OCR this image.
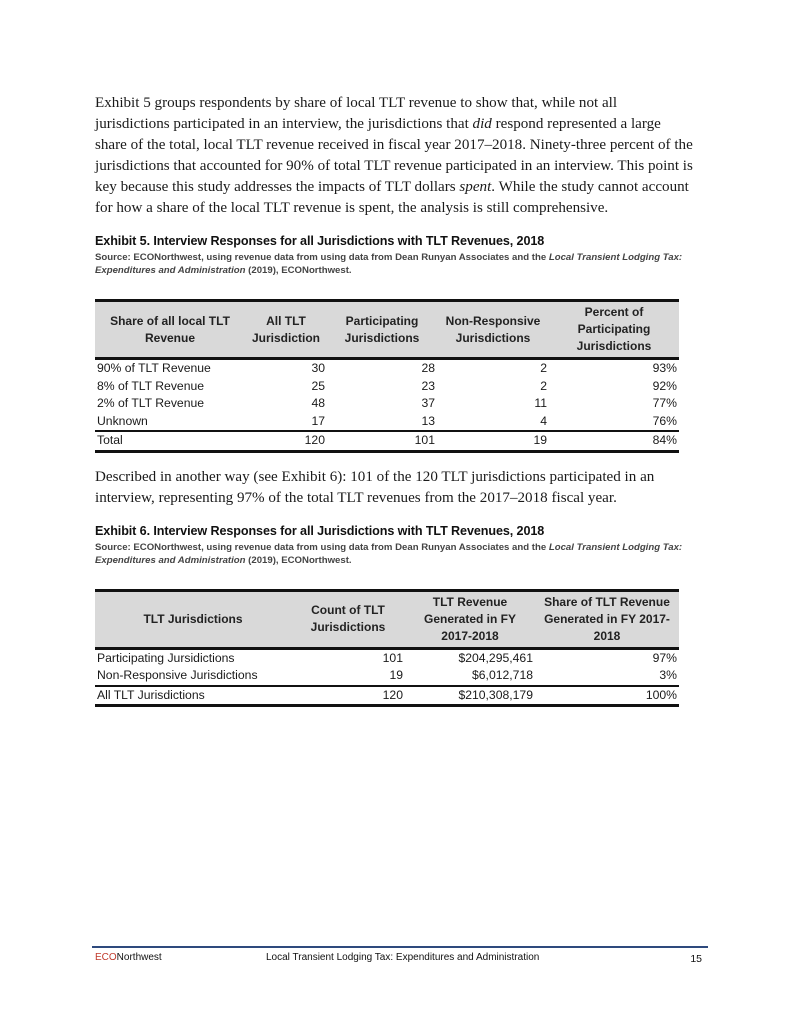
Exhibit 5 groups respondents by share of local TLT revenue to show that, while not all jurisdictions participated in an interview, the jurisdictions that did respond represented a large share of the total, local TLT revenue received in fiscal year 2017–2018. Ninety-three percent of the jurisdictions that accounted for 90% of total TLT revenue participated in an interview. This point is key because this study addresses the impacts of TLT dollars spent. While the study cannot account for how a share of the local TLT revenue is spent, the analysis is still comprehensive.

Exhibit 5. Interview Responses for all Jurisdictions with TLT Revenues, 2018

Source: ECONorthwest, using revenue data from using data from Dean Runyan Associates and the Local Transient Lodging Tax: Expenditures and Administration (2019), ECONorthwest.

Share of all local TLT Revenue	All TLT Jurisdiction	Participating Jurisdictions	Non-Responsive Jurisdictions	Percent of Participating Jurisdictions
90% of TLT Revenue	30	28	2	93%
8% of TLT Revenue	25	23	2	92%
2% of TLT Revenue	48	37	11	77%
Unknown	17	13	4	76%
Total	120	101	19	84%

Described in another way (see Exhibit 6): 101 of the 120 TLT jurisdictions participated in an interview, representing 97% of the total TLT revenues from the 2017–2018 fiscal year.

Exhibit 6. Interview Responses for all Jurisdictions with TLT Revenues, 2018

Source: ECONorthwest, using revenue data from using data from Dean Runyan Associates and the Local Transient Lodging Tax: Expenditures and Administration (2019), ECONorthwest.

TLT Jurisdictions	Count of TLT Jurisdictions	TLT Revenue Generated in FY 2017-2018	Share of TLT Revenue Generated in FY 2017-2018
Participating Jursidictions	101	$204,295,461	97%
Non-Responsive Jurisdictions	19	$6,012,718	3%
All TLT Jurisdictions	120	$210,308,179	100%
ECONorthwest	Local Transient Lodging Tax: Expenditures and Administration	15
